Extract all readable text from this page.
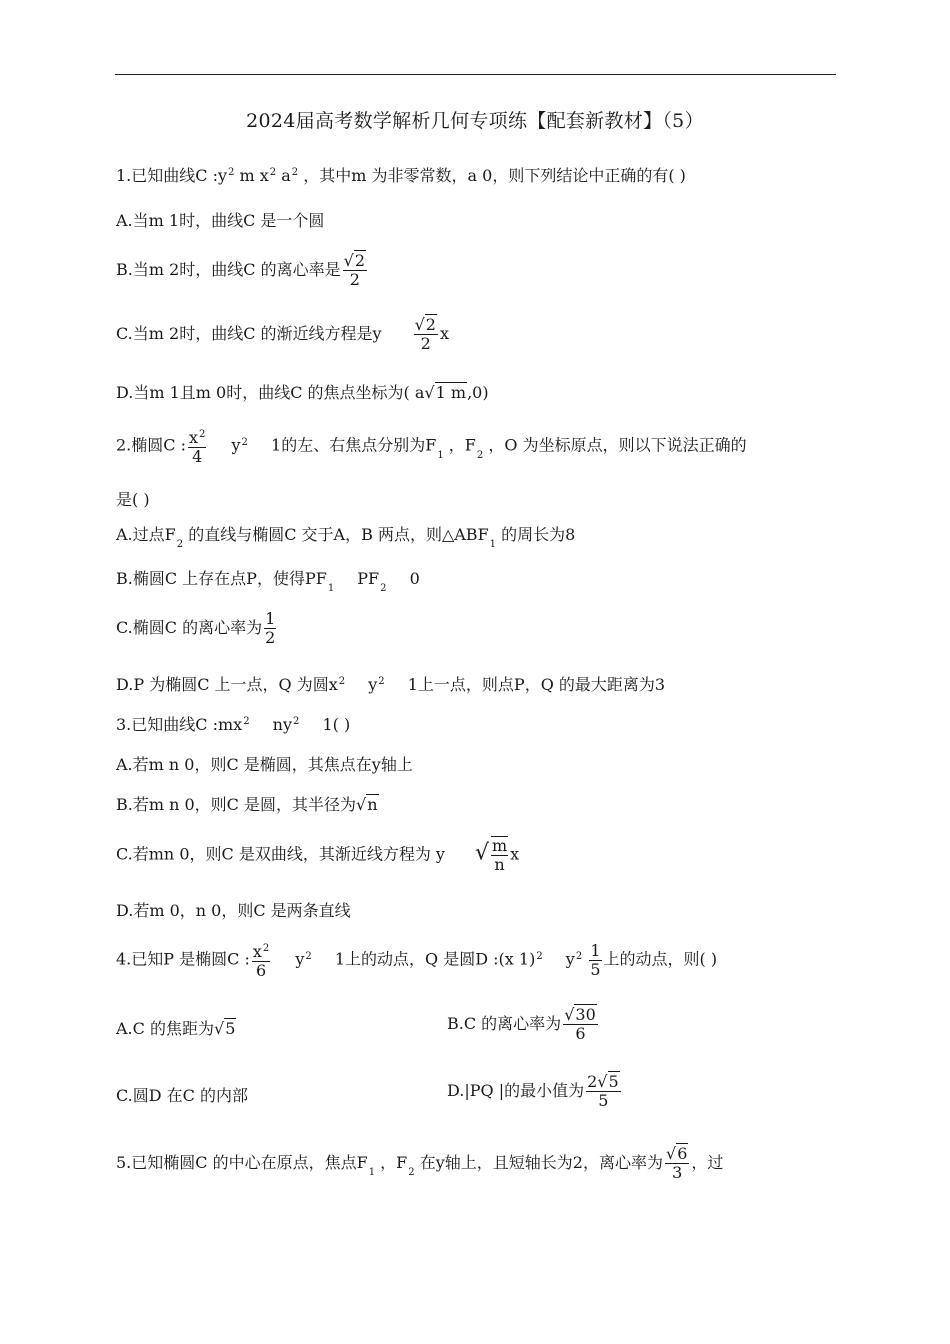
2024届高考数学解析几何专项练【配套新教材】（5）
1.已知曲线C $:y^2$ m $x^2$ $a^2$ ，其中m 为非零常数，a 0，则下列结论中正确的有( )
A.当m 1时，曲线C 是一个圆
B.当m 2时，曲线C 的离心率是 $\frac{√2}{2}$
C.当m 2时，曲线C 的渐近线方程是y $\frac{√2}{2}$ x
D.当m 1且m 0时，曲线C 的焦点坐标为( a√1 m,0)
2.椭圆C : $\frac{x^2}{4} y^2$ 1的左、右焦点分别为$F_1$ ，$F_2$ ，O 为坐标原点，则以下说法正确的
是( )
A.过点$F_2$ 的直线与椭圆C 交于A，B 两点，则$\triangle ABF_1$ 的周长为8
B.椭圆C 上存在点P，使得$PF_1$ $PF_2$ 0
C.椭圆C 的离心率为 $\frac{1}{2}$
D.P 为椭圆C 上一点，Q 为圆$x^2$ $y^2$ 1上一点，则点P，Q 的最大距离为3
3.已知曲线C $:mx^2$ $ny^2$ 1( )
A.若m n 0，则C 是椭圆，其焦点在y轴上
B.若m n 0，则C 是圆，其半径为√n
C.若mn 0，则C 是双曲线，其渐近线方程为 y √ $\frac{m}{n}$ x
D.若m 0，n 0，则C 是两条直线
4.已知P 是椭圆C : $\frac{x^2}{6} y^2$ 1上的动点，Q 是圆D :(x 1)$^2$ $y^2 \frac{1}{5}$ 上的动点，则( )
A.C 的焦距为√5	B.C 的离心率为 $\frac{√30}{6}$
C.圆D 在C 的内部	D.|PQ |的最小值为 $\frac{2√5}{5}$
5.已知椭圆C 的中心在原点，焦点$F_1$ ，$F_2$ 在y轴上，且短轴长为2，离心率为 $\frac{√6}{3}$ ，过
